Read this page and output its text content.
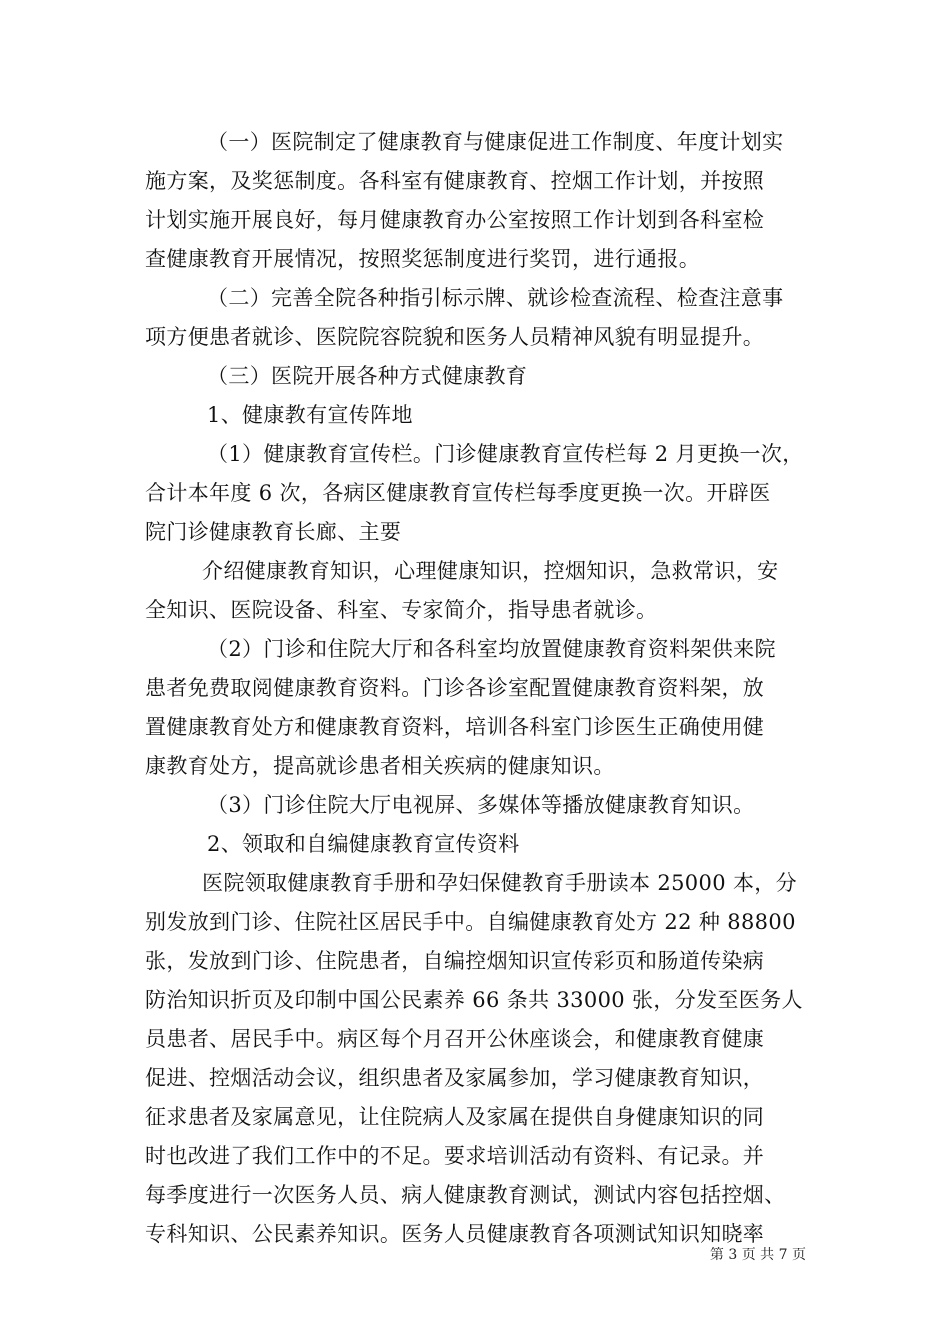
（一）医院制定了健康教育与健康促进工作制度、年度计划实
施方案，及奖惩制度。各科室有健康教育、控烟工作计划，并按照
计划实施开展良好，每月健康教育办公室按照工作计划到各科室检
查健康教育开展情况，按照奖惩制度进行奖罚，进行通报。
（二）完善全院各种指引标示牌、就诊检查流程、检查注意事
项方便患者就诊、医院院容院貌和医务人员精神风貌有明显提升。
（三）医院开展各种方式健康教育
1、健康教有宣传阵地
（1）健康教育宣传栏。门诊健康教育宣传栏每 2 月更换一次，
合计本年度 6 次，各病区健康教育宣传栏每季度更换一次。开辟医
院门诊健康教育长廊、主要
介绍健康教育知识，心理健康知识，控烟知识，急救常识，安
全知识、医院设备、科室、专家简介，指导患者就诊。
（2）门诊和住院大厅和各科室均放置健康教育资料架供来院
患者免费取阅健康教育资料。门诊各诊室配置健康教育资料架，放
置健康教育处方和健康教育资料，培训各科室门诊医生正确使用健
康教育处方，提高就诊患者相关疾病的健康知识。
（3）门诊住院大厅电视屏、多媒体等播放健康教育知识。
2、领取和自编健康教育宣传资料
医院领取健康教育手册和孕妇保健教育手册读本 25000 本，分
别发放到门诊、住院社区居民手中。自编健康教育处方 22 种 88800
张，发放到门诊、住院患者，自编控烟知识宣传彩页和肠道传染病
防治知识折页及印制中国公民素养 66 条共 33000 张，分发至医务人
员患者、居民手中。病区每个月召开公休座谈会，和健康教育健康
促进、控烟活动会议，组织患者及家属参加，学习健康教育知识，
征求患者及家属意见，让住院病人及家属在提供自身健康知识的同
时也改进了我们工作中的不足。要求培训活动有资料、有记录。并
每季度进行一次医务人员、病人健康教育测试，测试内容包括控烟、
专科知识、公民素养知识。医务人员健康教育各项测试知识知晓率
第 3 页 共 7 页
